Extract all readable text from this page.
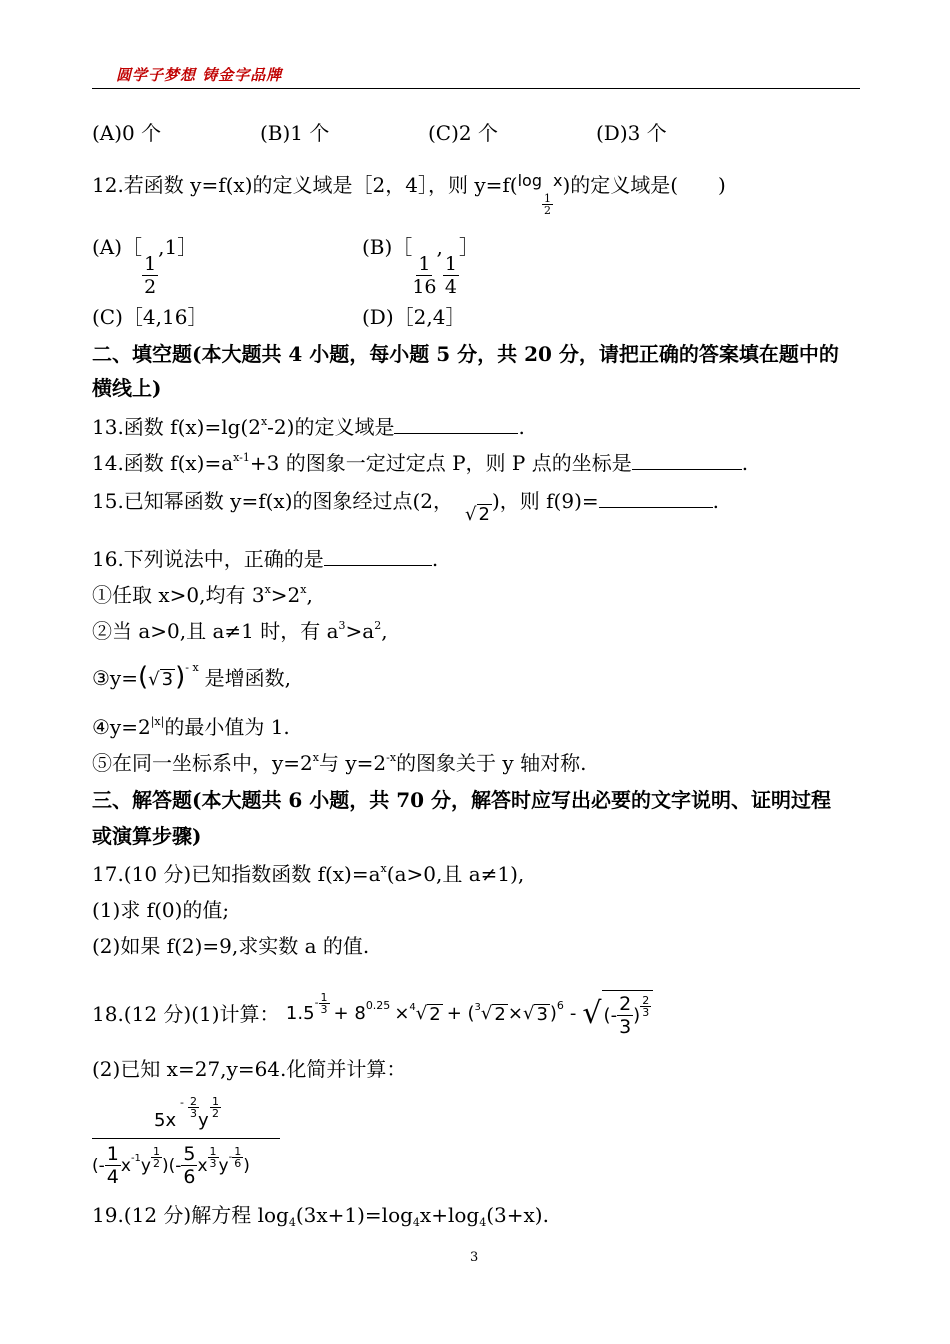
圆学子梦想 铸金字品牌
(A)0 个	(B)1 个	(C)2 个	(D)3 个
12.若函数 y=f(x)的定义域是［2，4］，则 y=f($^{log}$
$\frac{1}{2}$
$^x$)的定义域是(　　)
(A)［
$\frac{1}{2}$
,1］	(B)［
$\frac{1}{16}$
,
$\frac{1}{4}$
］
(C)［4,16］	(D)［2,4］
二、填空题(本大题共 4 小题，每小题 5 分，共 20 分，请把正确的答案填在题中的
横线上)
13.函数 $f(x)=\lg(2^x-2)$的定义域是	.
14.函数 $f(x)=a^{x-1}+3$ 的图象一定过定点 P，则 P 点的坐标是	.
15.已知幂函数 y=f(x)的图象经过点(2，√ 2)，则 f(9)=	.
16.下列说法中，正确的是	.
①任取 x>0,均有 $3^x>2^x$,
②当 a>0,且 a≠1 时，有 $a^3>a^2$,
③y=(√ 3)$^{- x}$ 是增函数,
$④y=2^{|x|}$的最小值为 1.
⑤在同一坐标系中，$y=2^x$与 $y=2^{-x}$的图象关于 y 轴对称.
三、解答题(本大题共 6 小题，共 70 分，解答时应写出必要的文字说明、证明过程
或演算步骤)
17.(10 分)已知指数函数 $f(x)=a^x(a>0$,且 a≠1),
(1)求 f(0)的值;
(2)如果 f(2)=9,求实数 a 的值.
18.(12 分)(1)计算： 1.5
- $\frac{1}{3} + 8$ 0.25 × 4 √ 2 + ( 3 √ 2 × √ 3 ) 6 - √ (- $\frac{2}{3}$ ) $\frac{2}{3}$
(2)已知 x=27,y=64.化简并计算：
5x
- $\frac{2}{3}$
y
$\frac{1}{2}$
(- $\frac{1}{4}$ x -1 y $\frac{1}{2}$ )(- $\frac{5}{6}$ x $\frac{1}{3}$ y - $\frac{1}{6}$ )
19.(12 分)解方程 $\log_4(3x+1)=\log_4x+\log_4(3+x)$.
3
